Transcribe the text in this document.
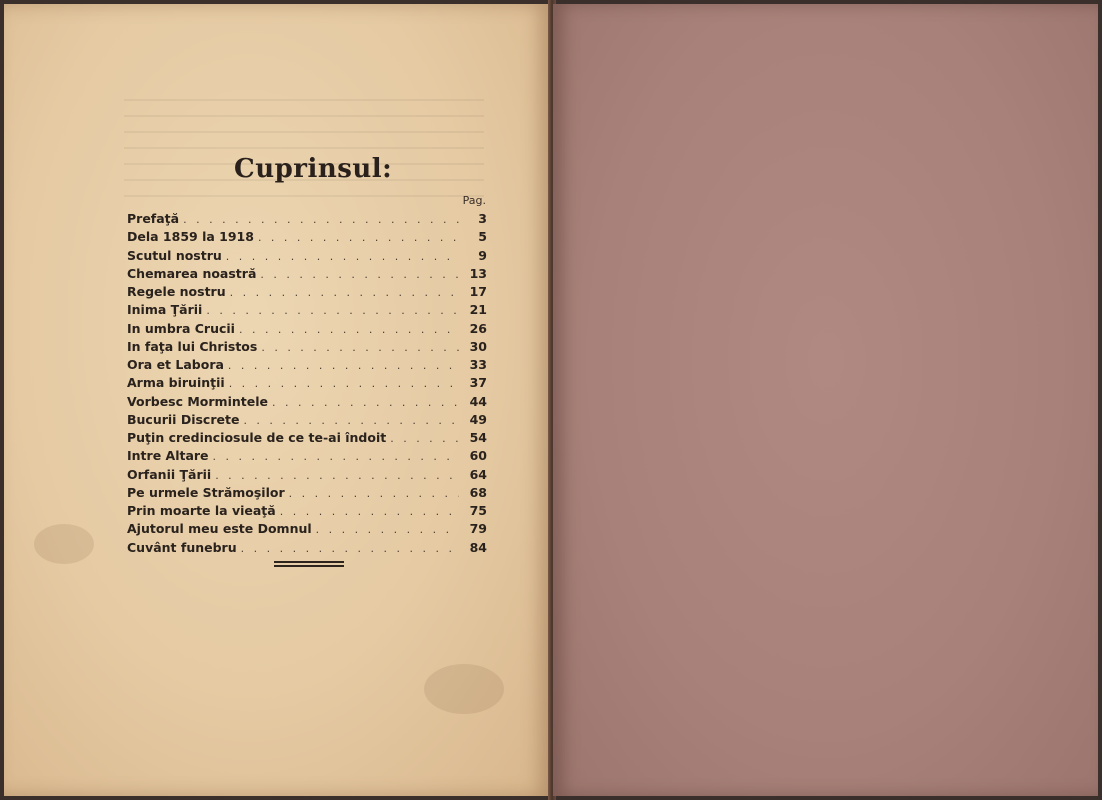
Cuprinsul:
Pag.
Prefaţă . . .	3
Dela 1859 la 1918 . . .	5
Scutul nostru . . .	9
Chemarea noastră . . .	13
Regele nostru . . .	17
Inima Ţării . . .	21
In umbra Crucii . . .	26
In faţa lui Christos . . .	30
Ora et Labora . . .	33
Arma biruinţii . . .	37
Vorbesc Mormintele . . .	44
Bucurii Discrete . . .	49
Puţin credinciosule de ce te-ai îndoit . . .	54
Intre Altare . . .	60
Orfanii Ţării . . .	64
Pe urmele Strămoşilor . . .	68
Prin moarte la vieaţă . . .	75
Ajutorul meu este Domnul . . .	79
Cuvânt funebru . . .	84
